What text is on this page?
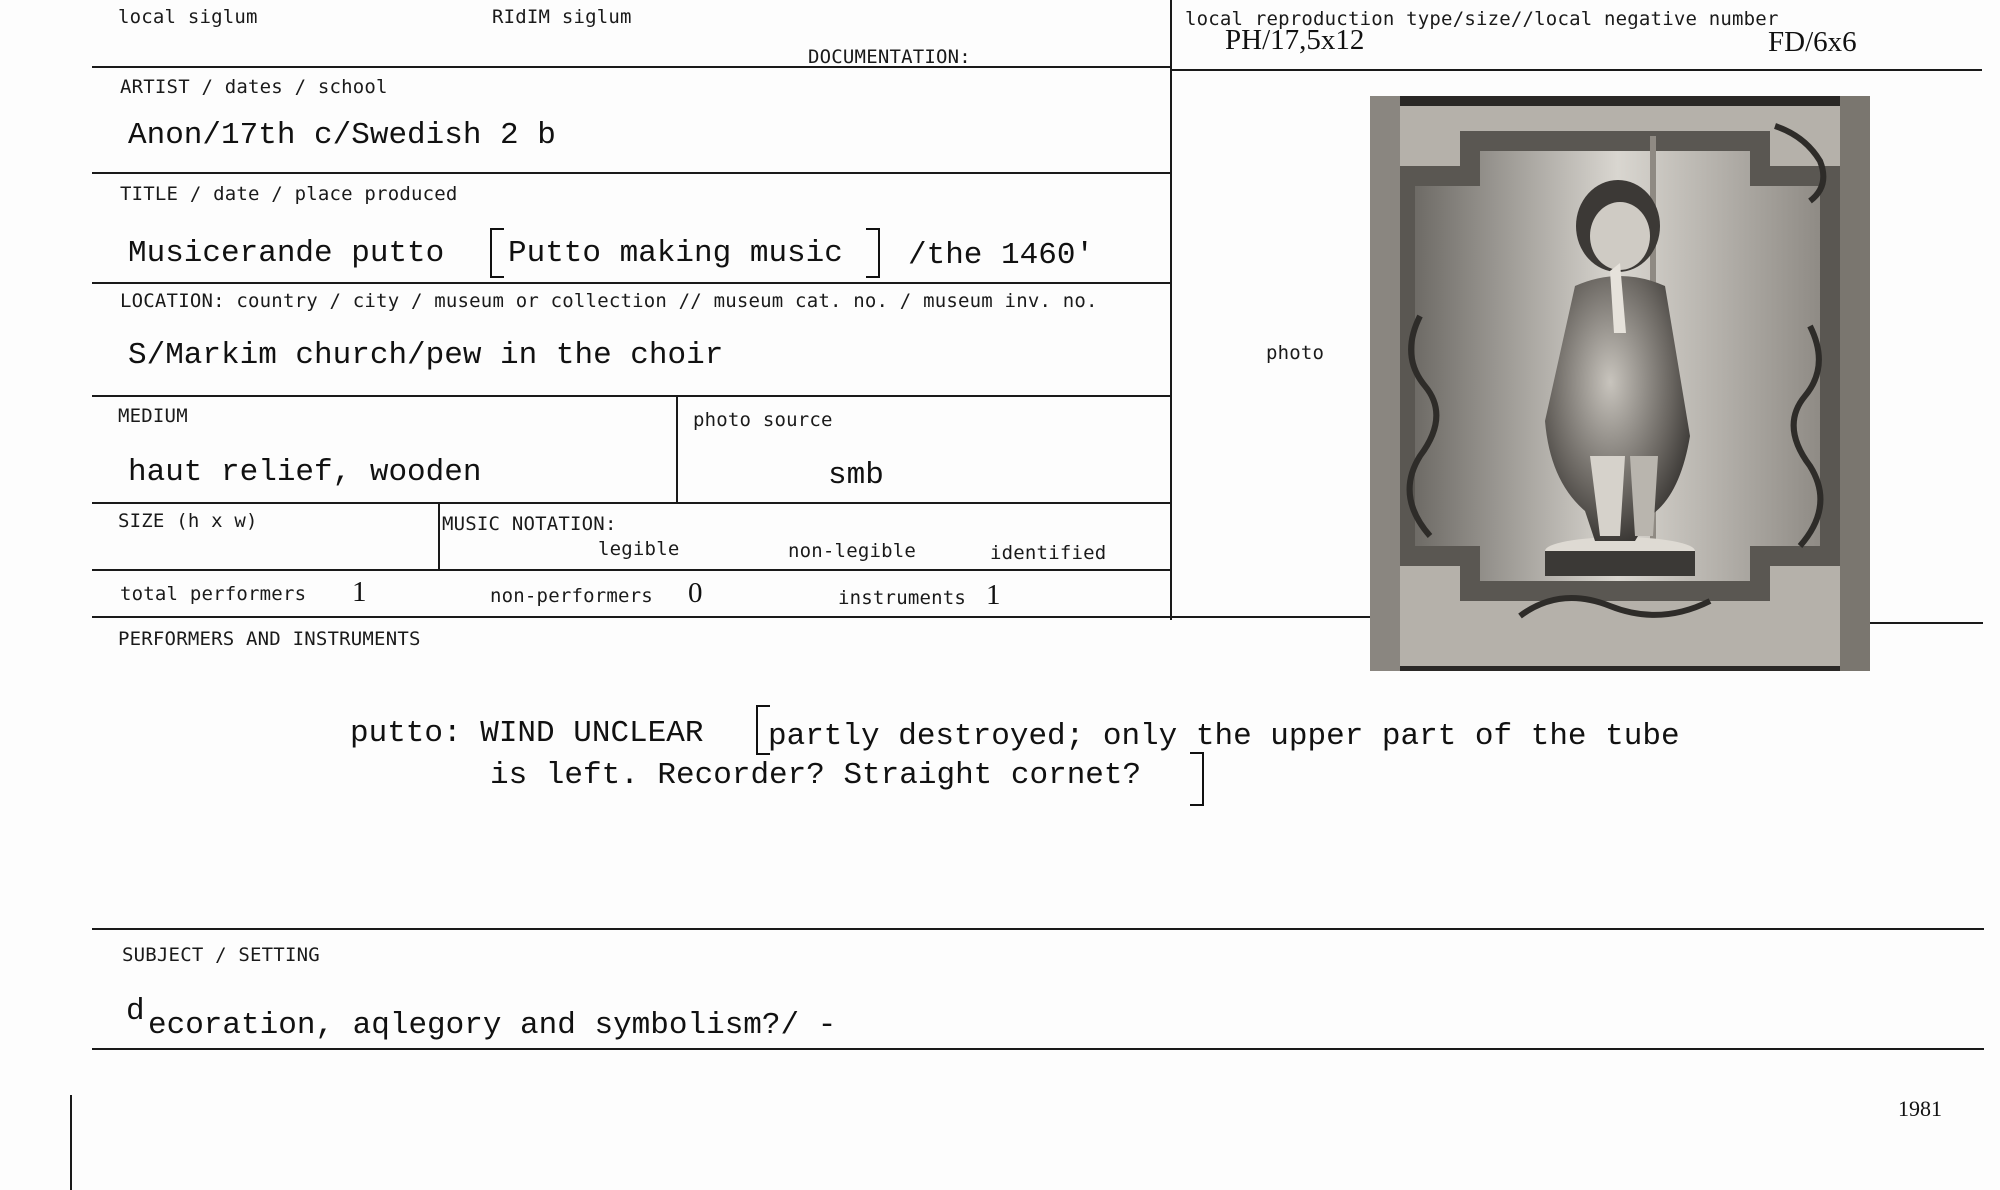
local siglum	RIdIM siglum
DOCUMENTATION:
local reproduction type/size//local negative number
PH/17,5x12	FD/6x6
ARTIST / dates / school
Anon/17th c/Swedish 2 b
TITLE / date / place produced
Musicerande putto Putto making music /the 1460'
LOCATION: country / city / museum or collection // museum cat. no. / museum inv. no.
S/Markim church/pew in the choir
MEDIUM
haut relief, wooden
photo source
smb
SIZE (h x w)	MUSIC NOTATION:
legible	non-legible	identified
total performers 1	non-performers 0	instruments 1
photo
PERFORMERS AND INSTRUMENTS
putto: WIND UNCLEAR partly destroyed; only the upper part of the tube
is left. Recorder? Straight cornet?
SUBJECT / SETTING
d ecoration, aqlegory and symbolism?/ -
1981
